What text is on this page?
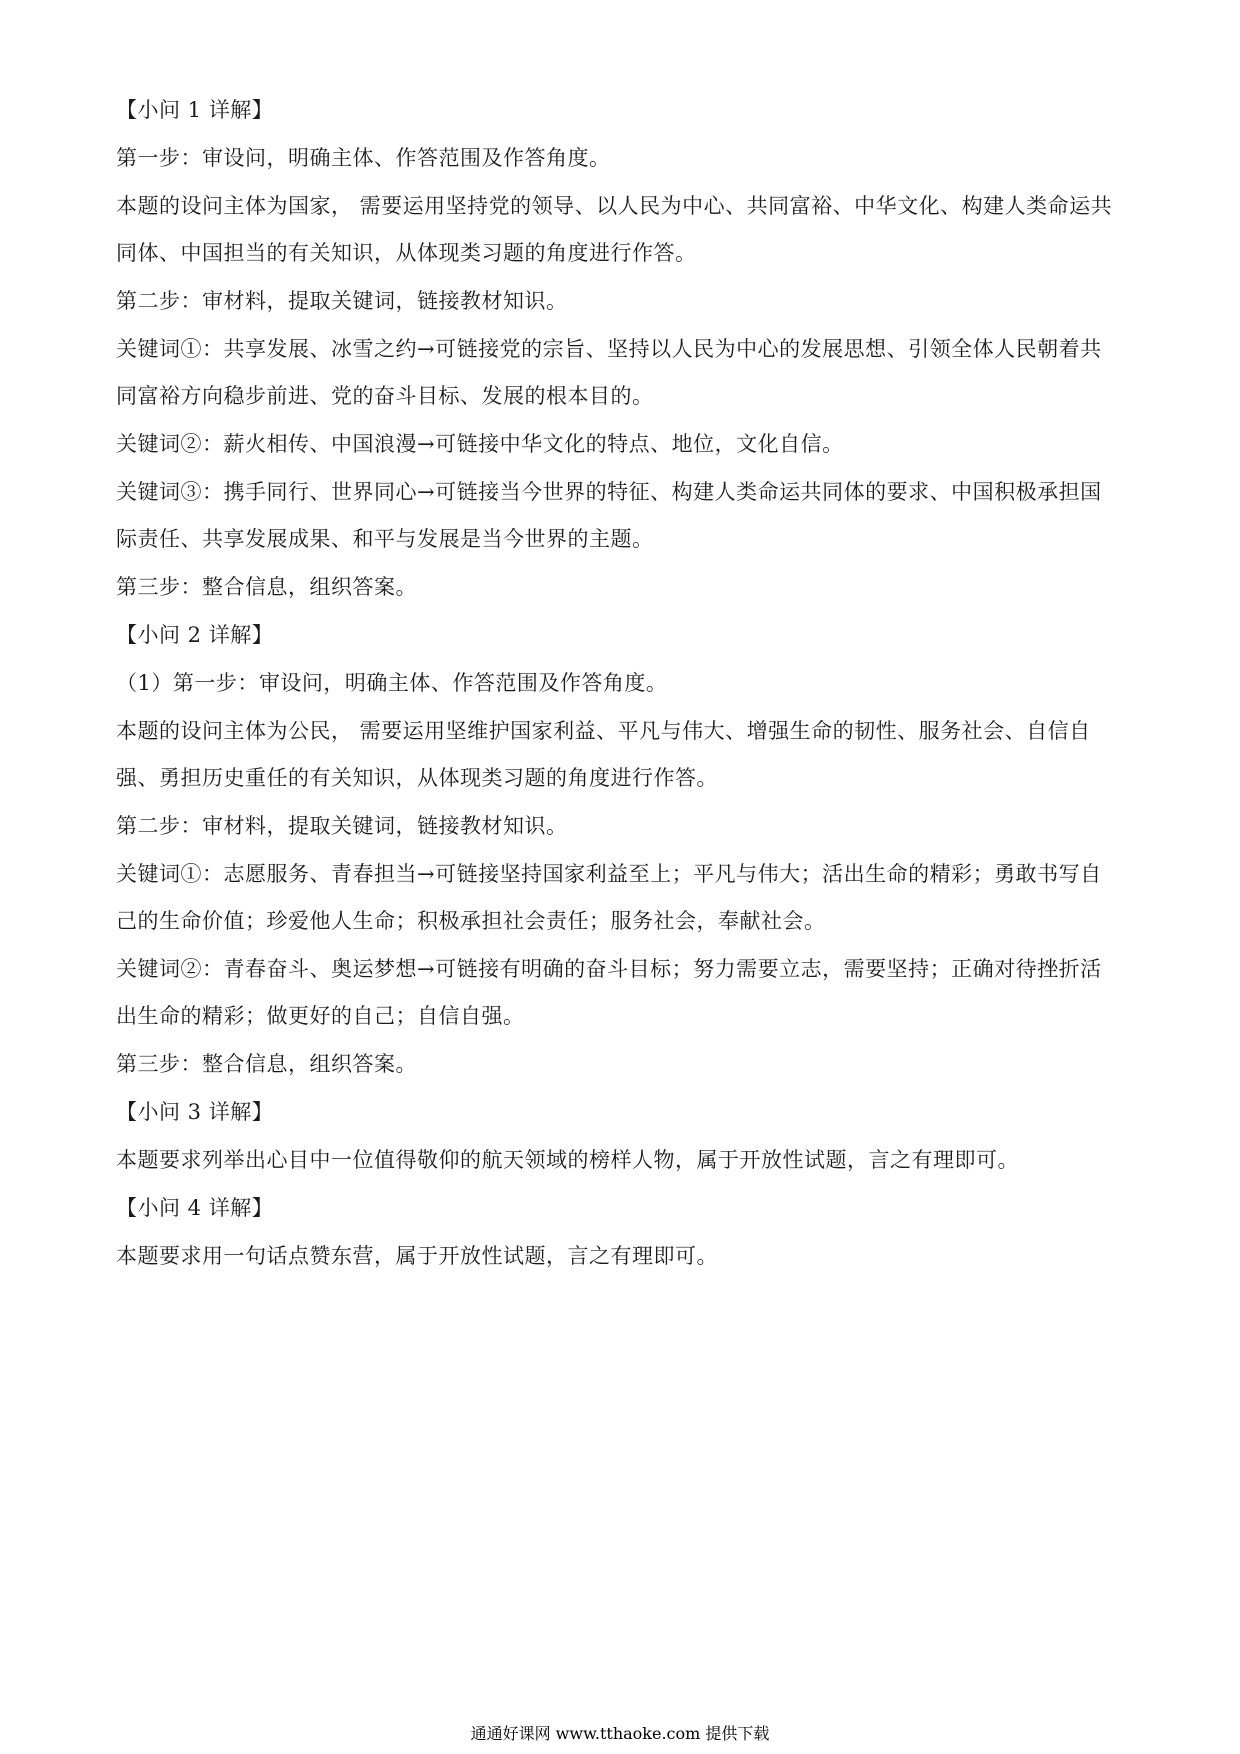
【小问 1 详解】

第一步：审设问，明确主体、作答范围及作答角度。

本题的设问主体为国家， 需要运用坚持党的领导、以人民为中心、共同富裕、中华文化、构建人类命运共

同体、中国担当的有关知识，从体现类习题的角度进行作答。

第二步：审材料，提取关键词，链接教材知识。

关键词①：共享发展、冰雪之约→可链接党的宗旨、坚持以人民为中心的发展思想、引领全体人民朝着共

同富裕方向稳步前进、党的奋斗目标、发展的根本目的。

关键词②：薪火相传、中国浪漫→可链接中华文化的特点、地位，文化自信。

关键词③：携手同行、世界同心→可链接当今世界的特征、构建人类命运共同体的要求、中国积极承担国

际责任、共享发展成果、和平与发展是当今世界的主题。

第三步：整合信息，组织答案。

【小问 2 详解】

（1）第一步：审设问，明确主体、作答范围及作答角度。

本题的设问主体为公民， 需要运用坚维护国家利益、平凡与伟大、增强生命的韧性、服务社会、自信自

强、勇担历史重任的有关知识，从体现类习题的角度进行作答。

第二步：审材料，提取关键词，链接教材知识。

关键词①：志愿服务、青春担当→可链接坚持国家利益至上；平凡与伟大；活出生命的精彩；勇敢书写自

己的生命价值；珍爱他人生命；积极承担社会责任；服务社会，奉献社会。

关键词②：青春奋斗、奥运梦想→可链接有明确的奋斗目标；努力需要立志，需要坚持；正确对待挫折活

出生命的精彩；做更好的自己；自信自强。

第三步：整合信息，组织答案。

【小问 3 详解】

本题要求列举出心目中一位值得敬仰的航天领域的榜样人物，属于开放性试题，言之有理即可。

【小问 4 详解】

本题要求用一句话点赞东营，属于开放性试题，言之有理即可。

通通好课网 www.tthaoke.com 提供下载
